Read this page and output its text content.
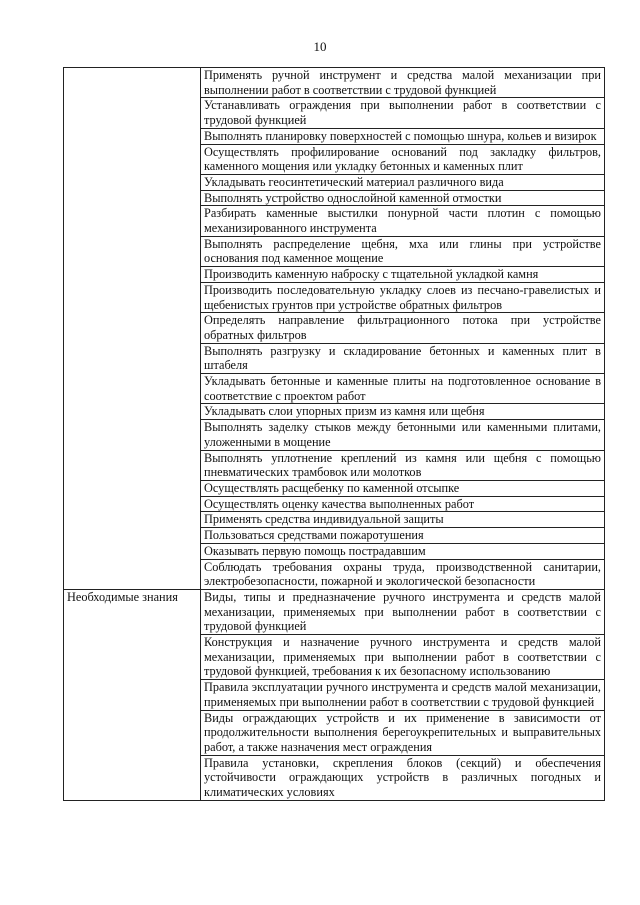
10
	Применять ручной инструмент и средства малой механизации при выполнении работ в соответствии с трудовой функцией
	Устанавливать ограждения при выполнении работ в соответствии с трудовой функцией
	Выполнять планировку поверхностей с помощью шнура, кольев и визирок
	Осуществлять профилирование оснований под закладку фильтров, каменного мощения или укладку бетонных и каменных плит
	Укладывать геосинтетический материал различного вида
	Выполнять устройство однослойной каменной отмостки
	Разбирать каменные выстилки понурной части плотин с помощью механизированного инструмента
	Выполнять распределение щебня, мха или глины при устройстве основания под каменное мощение
	Производить каменную наброску с тщательной укладкой камня
	Производить последовательную укладку слоев из песчано-гравелистых и щебенистых грунтов при устройстве обратных фильтров
	Определять направление фильтрационного потока при устройстве обратных фильтров
	Выполнять разгрузку и складирование бетонных и каменных плит в штабеля
	Укладывать бетонные и каменные плиты на подготовленное основание в соответствие с проектом работ
	Укладывать слои упорных призм из камня или щебня
	Выполнять заделку стыков между бетонными или каменными плитами, уложенными в мощение
	Выполнять уплотнение креплений из камня или щебня с помощью пневматических трамбовок или молотков
	Осуществлять расщебенку по каменной отсыпке
	Осуществлять оценку качества выполненных работ
	Применять средства индивидуальной защиты
	Пользоваться средствами пожаротушения
	Оказывать первую помощь пострадавшим
	Соблюдать требования охраны труда, производственной санитарии, электробезопасности, пожарной и экологической безопасности
Необходимые знания	Виды, типы и предназначение ручного инструмента и средств малой механизации, применяемых при выполнении работ в соответствии с трудовой функцией
	Конструкция и назначение ручного инструмента и средств малой механизации, применяемых при выполнении работ в соответствии с трудовой функцией, требования к их безопасному использованию
	Правила эксплуатации ручного инструмента и средств малой механизации, применяемых при выполнении работ в соответствии с трудовой функцией
	Виды ограждающих устройств и их применение в зависимости от продолжительности выполнения берегоукрепительных и выправительных работ, а также назначения мест ограждения
	Правила установки, скрепления блоков (секций) и обеспечения устойчивости ограждающих устройств в различных погодных и климатических условиях
